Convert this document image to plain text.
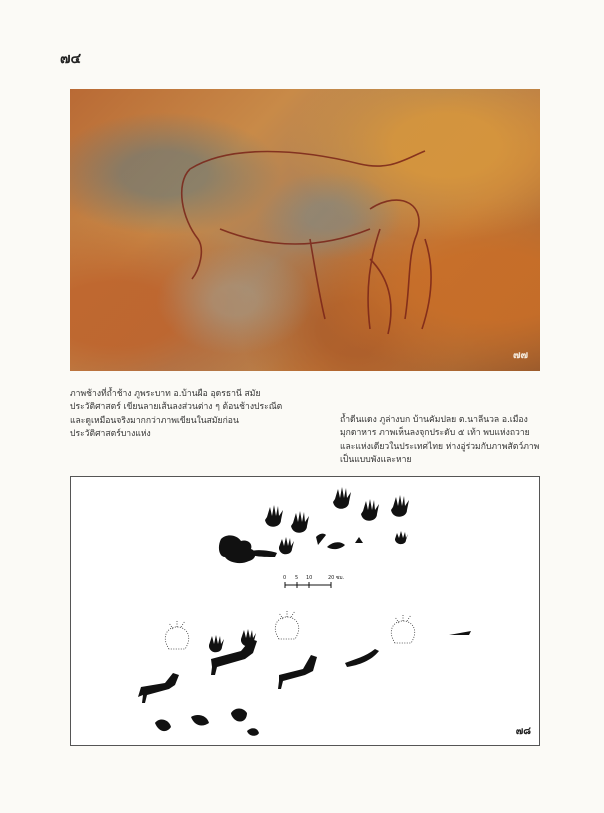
๗๔
๗๗

ภาพช้างที่ถ้ำช้าง ภูพระบาท อ.บ้านผือ อุดรธานี สมัยประวัติศาสตร์ เขียนลายเส้นลงส่วนต่าง ๆ ต้อนช้างประณีตและดูเหมือนจริงมากกว่าภาพเขียนในสมัยก่อนประวัติศาสตร์บางแห่ง

ถ้ำดีนแดง ภูล่างบก บ้านคัมปลย ต.นาลีนวล อ.เมืองมุกดาหาร ภาพเห็นลงจุกประดับ ๕ เท้า พบแห่งถวายและแห่งเดียวในประเทศไทย ห่างอู่ร่วมกับภาพสัตว์ภาพเป็นแบบพังและหาย

0 5 10	20 ซม.
๗๘
